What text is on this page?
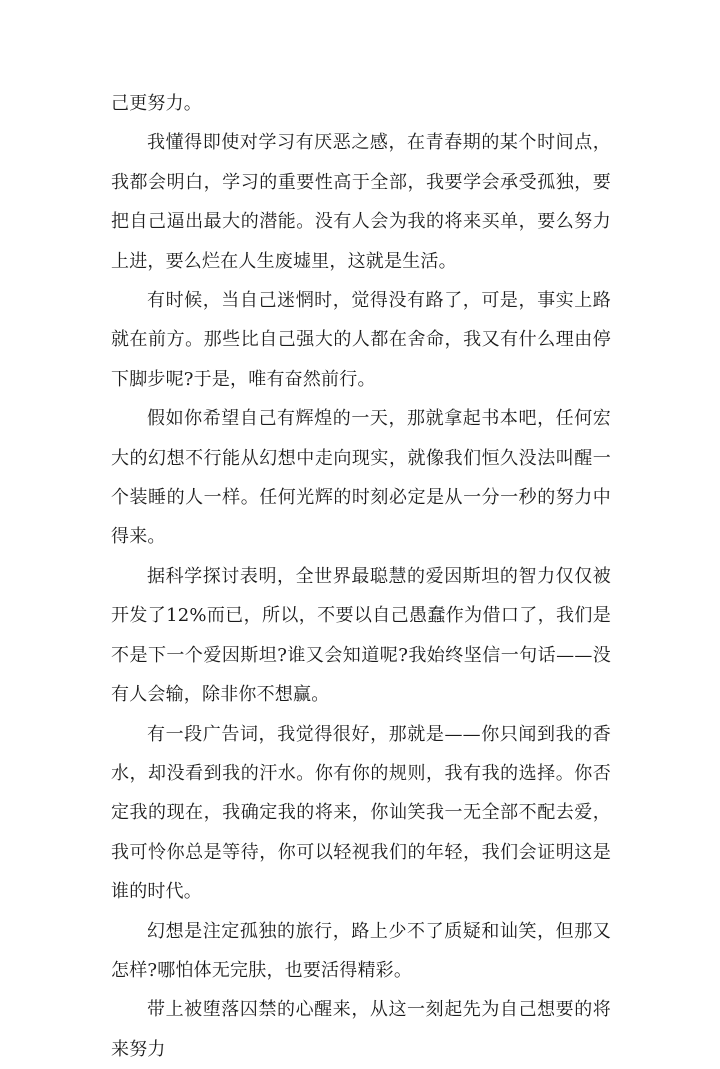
己更努力。

我懂得即使对学习有厌恶之感，在青春期的某个时间点，我都会明白，学习的重要性高于全部，我要学会承受孤独，要把自己逼出最大的潜能。没有人会为我的将来买单，要么努力上进，要么烂在人生废墟里，这就是生活。

有时候，当自己迷惘时，觉得没有路了，可是，事实上路就在前方。那些比自己强大的人都在舍命，我又有什么理由停下脚步呢?于是，唯有奋然前行。

假如你希望自己有辉煌的一天，那就拿起书本吧，任何宏大的幻想不行能从幻想中走向现实，就像我们恒久没法叫醒一个装睡的人一样。任何光辉的时刻必定是从一分一秒的努力中得来。

据科学探讨表明，全世界最聪慧的爱因斯坦的智力仅仅被开发了12%而已，所以，不要以自己愚蠢作为借口了，我们是不是下一个爱因斯坦?谁又会知道呢?我始终坚信一句话——没有人会输，除非你不想赢。

有一段广告词，我觉得很好，那就是——你只闻到我的香水，却没看到我的汗水。你有你的规则，我有我的选择。你否定我的现在，我确定我的将来，你讪笑我一无全部不配去爱，我可怜你总是等待，你可以轻视我们的年轻，我们会证明这是谁的时代。

幻想是注定孤独的旅行，路上少不了质疑和讪笑，但那又怎样?哪怕体无完肤，也要活得精彩。

带上被堕落囚禁的心醒来，从这一刻起先为自己想要的将来努力
